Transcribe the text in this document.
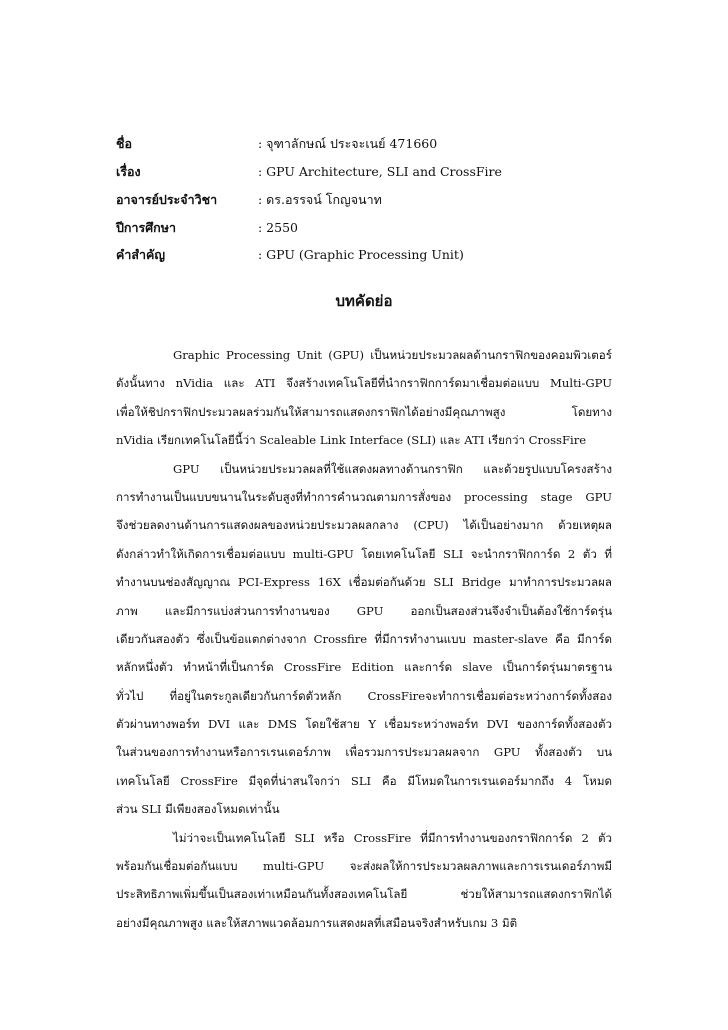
ชื่อ	: จุฑาลักษณ์ ประจะเนย์ 471660
เรื่อง	: GPU Architecture, SLI and CrossFire
อาจารย์ประจำวิชา	: ดร.อรรจน์ โกญจนาท
ปีการศึกษา	: 2550
คำสำคัญ	: GPU (Graphic Processing Unit)
บทคัดย่อ
Graphic Processing Unit (GPU) เป็นหน่วยประมวลผลด้านกราฟิกของคอมพิวเตอร์
ดังนั้นทาง nVidia และ ATI จึงสร้างเทคโนโลยีที่นำกราฟิกการ์ดมาเชื่อมต่อแบบ Multi-GPU
เพื่อให้ชิปกราฟิกประมวลผลร่วมกันให้สามารถแสดงกราฟิกได้อย่างมีคุณภาพสูง โดยทาง
nVidia เรียกเทคโนโลยีนี้ว่า Scaleable Link Interface (SLI) และ ATI เรียกว่า CrossFire
GPU เป็นหน่วยประมวลผลที่ใช้แสดงผลทางด้านกราฟิก และด้วยรูปแบบโครงสร้าง
การทำงานเป็นแบบขนานในระดับสูงที่ทำการคำนวณตามการสั่งของ processing stage GPU
จึงช่วยลดงานด้านการแสดงผลของหน่วยประมวลผลกลาง (CPU) ได้เป็นอย่างมาก ด้วยเหตุผล
ดังกล่าวทำให้เกิดการเชื่อมต่อแบบ multi-GPU โดยเทคโนโลยี SLI จะนำกราฟิกการ์ด 2 ตัว ที่
ทำงานบนช่องสัญญาณ PCI-Express 16X เชื่อมต่อกันด้วย SLI Bridge มาทำการประมวลผล
ภาพ และมีการแบ่งส่วนการทำงานของ GPU ออกเป็นสองส่วนจึงจำเป็นต้องใช้การ์ดรุ่น
เดียวกันสองตัว ซึ่งเป็นข้อแตกต่างจาก Crossfire ที่มีการทำงานแบบ master-slave คือ มีการ์ด
หลักหนึ่งตัว ทำหน้าที่เป็นการ์ด CrossFire Edition และการ์ด slave เป็นการ์ดรุ่นมาตรฐาน
ทั่วไป ที่อยู่ในตระกูลเดียวกันการ์ดตัวหลัก CrossFireจะทำการเชื่อมต่อระหว่างการ์ดทั้งสอง
ตัวผ่านทางพอร์ท DVI และ DMS โดยใช้สาย Y เชื่อมระหว่างพอร์ท DVI ของการ์ดทั้งสองตัว
ในส่วนของการทำงานหรือการเรนเดอร์ภาพ เพื่อรวมการประมวลผลจาก GPU ทั้งสองตัว บน
เทคโนโลยี CrossFire มีจุดที่น่าสนใจกว่า SLI คือ มีโหมดในการเรนเดอร์มากถึง 4 โหมด
ส่วน SLI มีเพียงสองโหมดเท่านั้น
ไม่ว่าจะเป็นเทคโนโลยี SLI หรือ CrossFire ที่มีการทำงานของกราฟิกการ์ด 2 ตัว
พร้อมกันเชื่อมต่อกันแบบ multi-GPU จะส่งผลให้การประมวลผลภาพและการเรนเดอร์ภาพมี
ประสิทธิภาพเพิ่มขึ้นเป็นสองเท่าเหมือนกันทั้งสองเทคโนโลยี ช่วยให้สามารถแสดงกราฟิกได้
อย่างมีคุณภาพสูง และให้สภาพแวดล้อมการแสดงผลที่เสมือนจริงสำหรับเกม 3 มิติ
